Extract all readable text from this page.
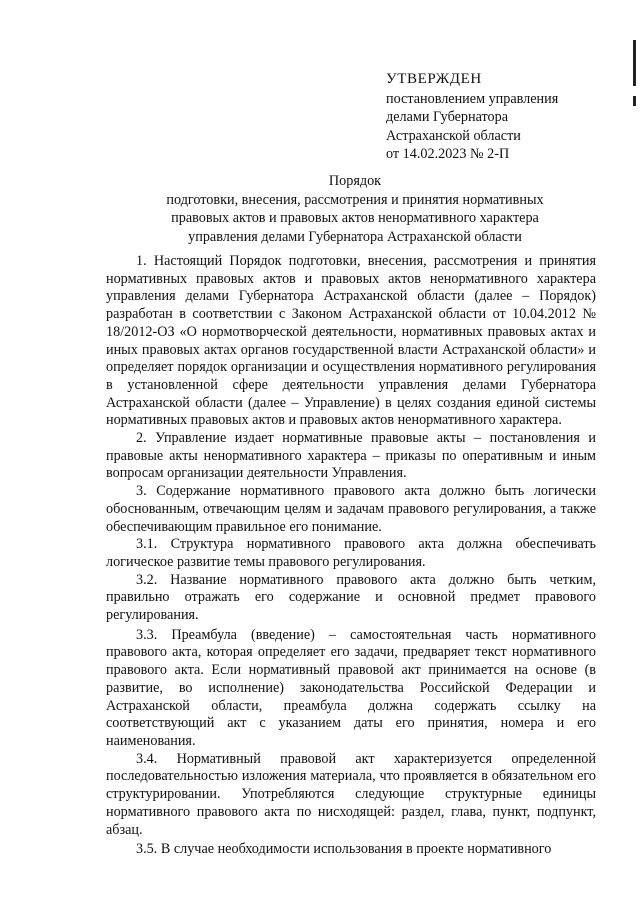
УТВЕРЖДЕН
постановлением управления
делами Губернатора
Астраханской области
от 14.02.2023 № 2-П
Порядок
подготовки, внесения, рассмотрения и принятия нормативных
правовых актов и правовых актов ненормативного характера
управления делами Губернатора Астраханской области

1. Настоящий Порядок подготовки, внесения, рассмотрения и принятия нормативных правовых актов и правовых актов ненормативного характера управления делами Губернатора Астраханской области (далее – Порядок) разработан в соответствии с Законом Астраханской области от 10.04.2012 № 18/2012-ОЗ «О нормотворческой деятельности, нормативных правовых актах и иных правовых актах органов государственной власти Астраханской области» и определяет порядок организации и осуществления нормативного регулирования в установленной сфере деятельности управления делами Губернатора Астраханской области (далее – Управление) в целях создания единой системы нормативных правовых актов и правовых актов ненормативного характера.

2. Управление издает нормативные правовые акты – постановления и правовые акты ненормативного характера – приказы по оперативным и иным вопросам организации деятельности Управления.

3. Содержание нормативного правового акта должно быть логически обоснованным, отвечающим целям и задачам правового регулирования, а также обеспечивающим правильное его понимание.

3.1. Структура нормативного правового акта должна обеспечивать логическое развитие темы правового регулирования.

3.2. Название нормативного правового акта должно быть четким, правильно отражать его содержание и основной предмет правового регулирования.

3.3. Преамбула (введение) – самостоятельная часть нормативного правового акта, которая определяет его задачи, предваряет текст нормативного правового акта. Если нормативный правовой акт принимается на основе (в развитие, во исполнение) законодательства Российской Федерации и Астраханской области, преамбула должна содержать ссылку на соответствующий акт с указанием даты его принятия, номера и его наименования.

3.4. Нормативный правовой акт характеризуется определенной последовательностью изложения материала, что проявляется в обязательном его структурировании. Употребляются следующие структурные единицы нормативного правового акта по нисходящей: раздел, глава, пункт, подпункт, абзац.

3.5. В случае необходимости использования в проекте нормативного
